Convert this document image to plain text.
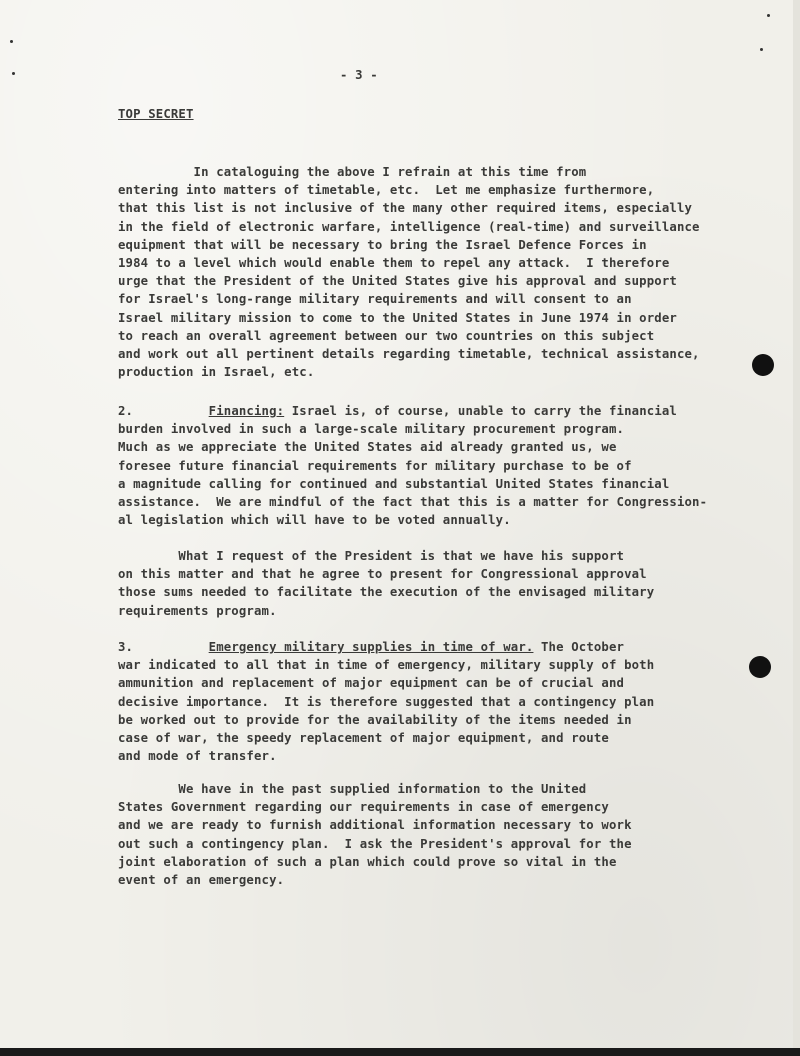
- 3 -
TOP SECRET
In cataloguing the above I refrain at this time from
entering into matters of timetable, etc.  Let me emphasize furthermore,
that this list is not inclusive of the many other required items, especially
in the field of electronic warfare, intelligence (real-time) and surveillance
equipment that will be necessary to bring the Israel Defence Forces in
1984 to a level which would enable them to repel any attack.  I therefore
urge that the President of the United States give his approval and support
for Israel's long-range military requirements and will consent to an
Israel military mission to come to the United States in June 1974 in order
to reach an overall agreement between our two countries on this subject
and work out all pertinent details regarding timetable, technical assistance,
production in Israel, etc.
2.	Financing: Israel is, of course, unable to carry the financial
burden involved in such a large-scale military procurement program.
Much as we appreciate the United States aid already granted us, we
foresee future financial requirements for military purchase to be of
a magnitude calling for continued and substantial United States financial
assistance.  We are mindful of the fact that this is a matter for Congression-
al legislation which will have to be voted annually.
What I request of the President is that we have his support
on this matter and that he agree to present for Congressional approval
those sums needed to facilitate the execution of the envisaged military
requirements program.
3.	Emergency military supplies in time of war. The October
war indicated to all that in time of emergency, military supply of both
ammunition and replacement of major equipment can be of crucial and
decisive importance.  It is therefore suggested that a contingency plan
be worked out to provide for the availability of the items needed in
case of war, the speedy replacement of major equipment, and route
and mode of transfer.
We have in the past supplied information to the United
States Government regarding our requirements in case of emergency
and we are ready to furnish additional information necessary to work
out such a contingency plan.  I ask the President's approval for the
joint elaboration of such a plan which could prove so vital in the
event of an emergency.
